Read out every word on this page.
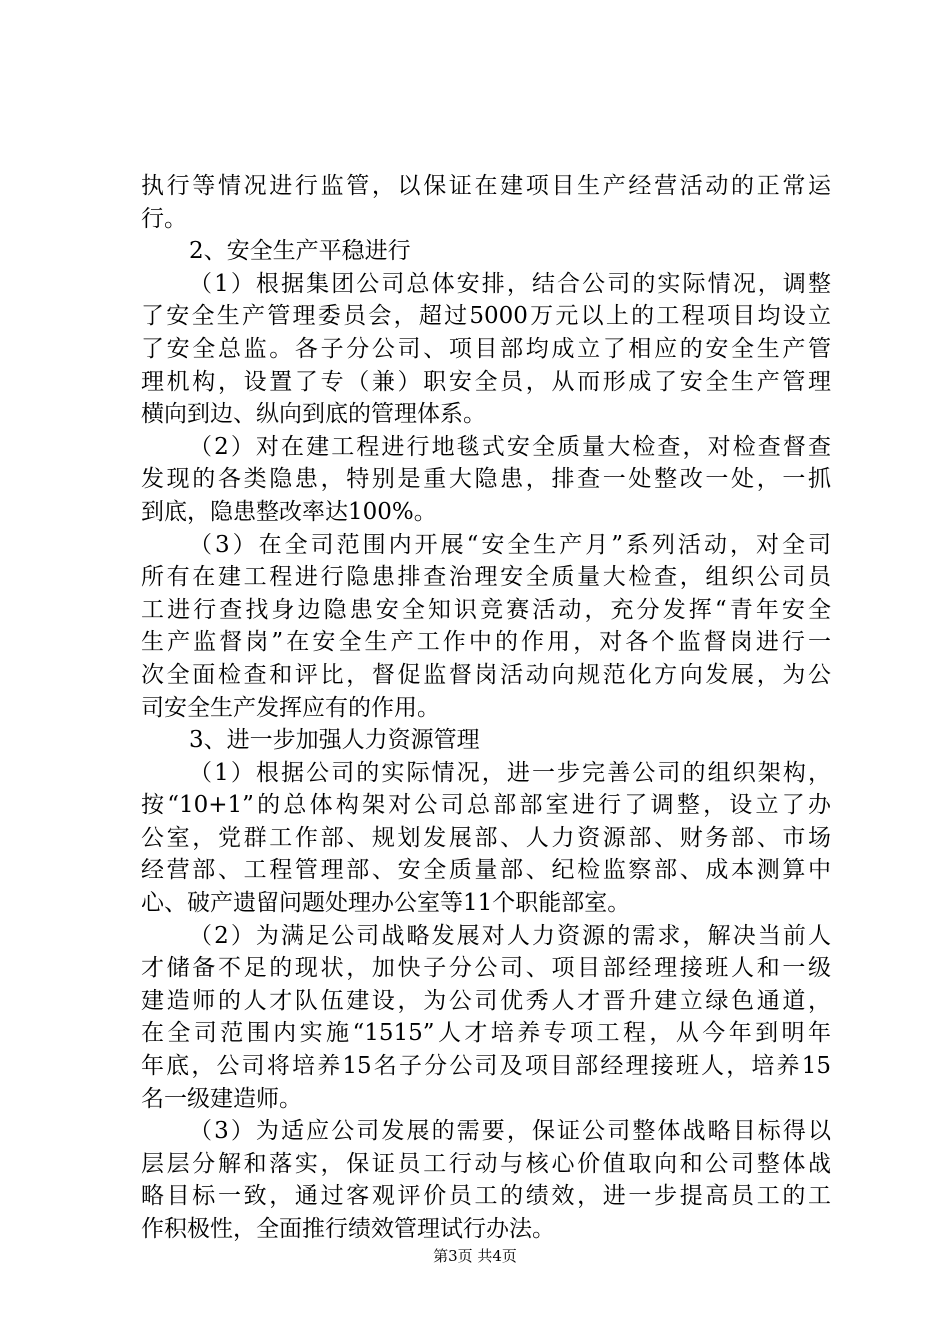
执行等情况进行监管，以保证在建项目生产经营活动的正常运
行。
2、安全生产平稳进行
（1）根据集团公司总体安排，结合公司的实际情况，调整
了安全生产管理委员会，超过5000万元以上的工程项目均设立
了安全总监。各子分公司、项目部均成立了相应的安全生产管
理机构，设置了专（兼）职安全员，从而形成了安全生产管理
横向到边、纵向到底的管理体系。
（2）对在建工程进行地毯式安全质量大检查，对检查督查
发现的各类隐患，特别是重大隐患，排查一处整改一处，一抓
到底，隐患整改率达100%。
（3）在全司范围内开展“安全生产月”系列活动，对全司
所有在建工程进行隐患排查治理安全质量大检查，组织公司员
工进行查找身边隐患安全知识竞赛活动，充分发挥“青年安全
生产监督岗”在安全生产工作中的作用，对各个监督岗进行一
次全面检查和评比，督促监督岗活动向规范化方向发展，为公
司安全生产发挥应有的作用。
3、进一步加强人力资源管理
（1）根据公司的实际情况，进一步完善公司的组织架构，
按“10+1”的总体构架对公司总部部室进行了调整，设立了办
公室，党群工作部、规划发展部、人力资源部、财务部、市场
经营部、工程管理部、安全质量部、纪检监察部、成本测算中
心、破产遗留问题处理办公室等11个职能部室。
（2）为满足公司战略发展对人力资源的需求，解决当前人
才储备不足的现状，加快子分公司、项目部经理接班人和一级
建造师的人才队伍建设，为公司优秀人才晋升建立绿色通道，
在全司范围内实施“1515”人才培养专项工程，从今年到明年
年底，公司将培养15名子分公司及项目部经理接班人，培养15
名一级建造师。
（3）为适应公司发展的需要，保证公司整体战略目标得以
层层分解和落实，保证员工行动与核心价值取向和公司整体战
略目标一致，通过客观评价员工的绩效，进一步提高员工的工
作积极性，全面推行绩效管理试行办法。
第3页 共4页
